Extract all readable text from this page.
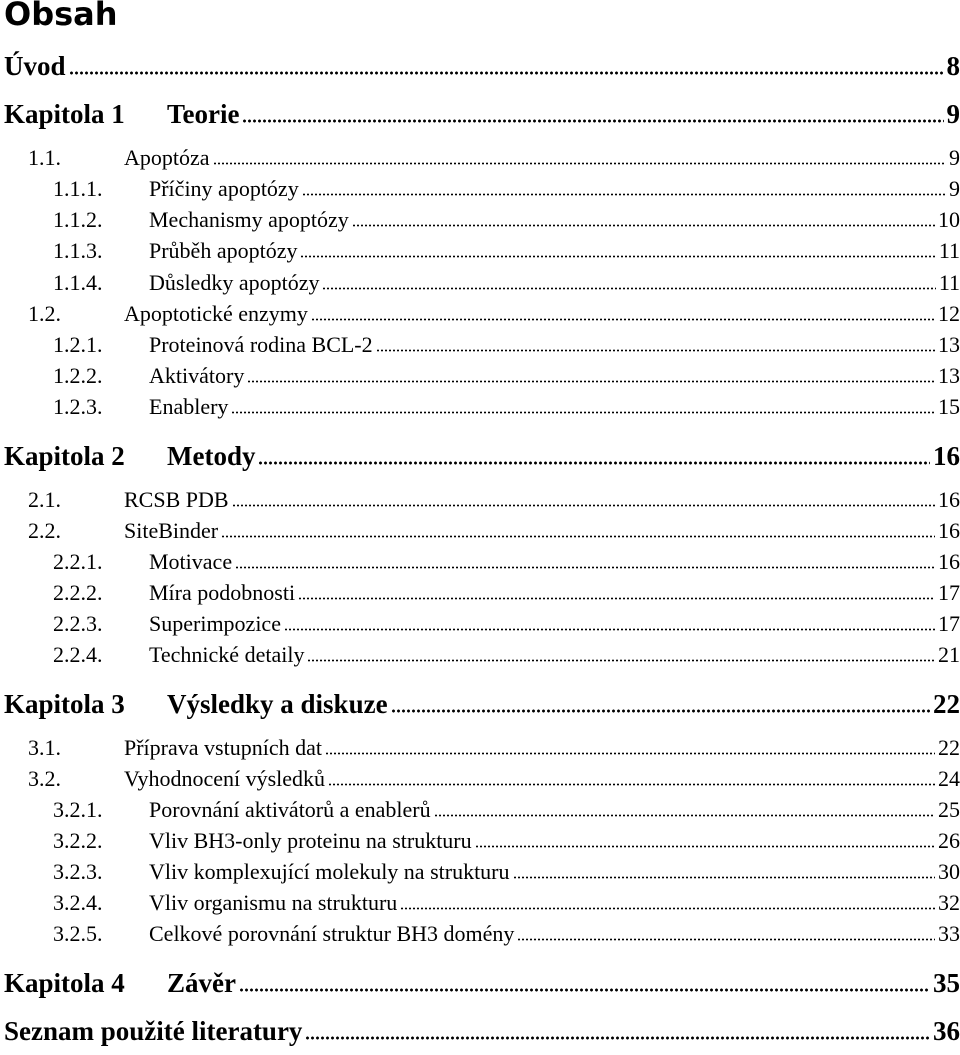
Obsah
Úvod	8
Kapitola 1	Teorie	9
1.1.	Apoptóza	9
1.1.1.	Příčiny apoptózy	9
1.1.2.	Mechanismy apoptózy	10
1.1.3.	Průběh apoptózy	11
1.1.4.	Důsledky apoptózy	11
1.2.	Apoptotické enzymy	12
1.2.1.	Proteinová rodina BCL-2	13
1.2.2.	Aktivátory	13
1.2.3.	Enablery	15
Kapitola 2	Metody	16
2.1.	RCSB PDB	16
2.2.	SiteBinder	16
2.2.1.	Motivace	16
2.2.2.	Míra podobnosti	17
2.2.3.	Superimpozice	17
2.2.4.	Technické detaily	21
Kapitola 3	Výsledky a diskuze	22
3.1.	Příprava vstupních dat	22
3.2.	Vyhodnocení výsledků	24
3.2.1.	Porovnání aktivátorů a enablerů	25
3.2.2.	Vliv BH3-only proteinu na strukturu	26
3.2.3.	Vliv komplexující molekuly na strukturu	30
3.2.4.	Vliv organismu na strukturu	32
3.2.5.	Celkové porovnání struktur BH3 domény	33
Kapitola 4	Závěr	35
Seznam použité literatury	36
